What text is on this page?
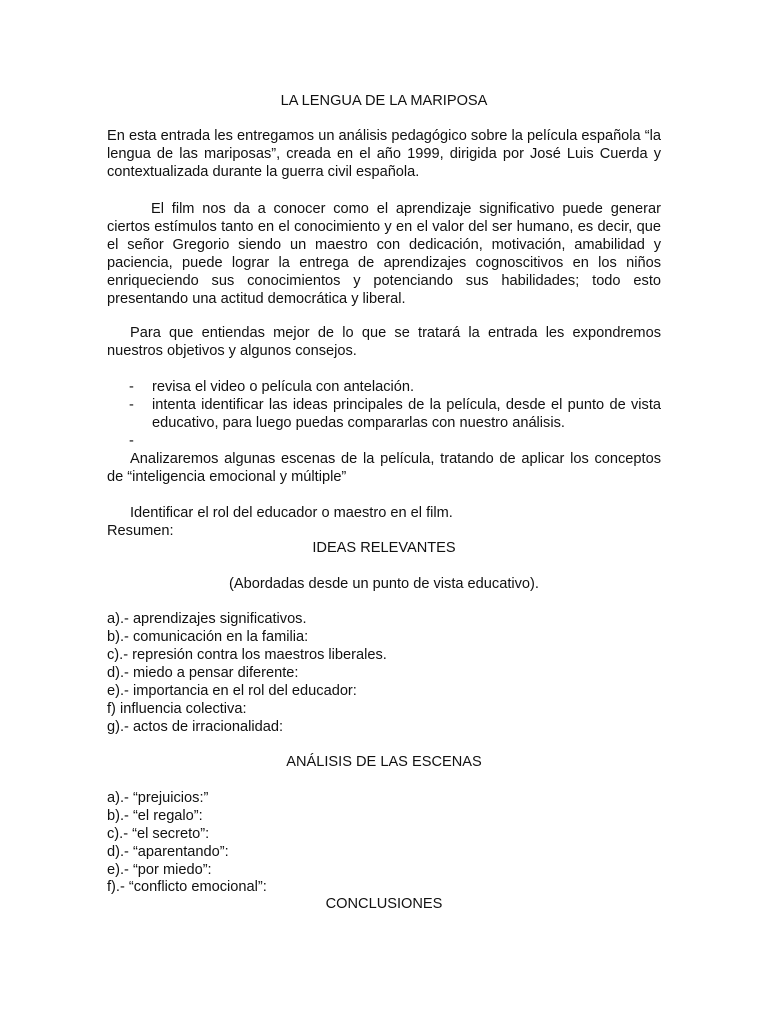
LA LENGUA DE LA MARIPOSA
En esta entrada les entregamos un análisis pedagógico sobre la película española “la lengua de las mariposas”, creada en el año 1999, dirigida por José Luis Cuerda y contextualizada durante la guerra civil española.
El film nos da a conocer como el aprendizaje significativo puede generar ciertos estímulos tanto en el conocimiento y en el valor del ser humano, es decir, que el señor Gregorio siendo un maestro con dedicación, motivación, amabilidad y paciencia, puede lograr la entrega de aprendizajes cognoscitivos en los niños enriqueciendo sus conocimientos y potenciando sus habilidades; todo esto presentando una actitud democrática y liberal.
Para que entiendas mejor de lo que se tratará la entrada les expondremos nuestros objetivos y algunos consejos.
-	revisa el video o película con antelación.
-	intenta identificar las ideas principales de la película, desde el punto de vista educativo, para luego puedas compararlas con nuestro análisis.
-
Analizaremos algunas escenas de la película, tratando de aplicar los conceptos de “inteligencia emocional y múltiple”
Identificar el rol del educador o maestro en el film.
Resumen:
IDEAS RELEVANTES
(Abordadas desde un punto de vista educativo).
a).- aprendizajes significativos.
b).- comunicación en la familia:
c).- represión contra los maestros liberales.
d).- miedo a pensar diferente:
e).- importancia en el rol del educador:
f) influencia colectiva:
g).- actos de irracionalidad:
ANÁLISIS DE LAS ESCENAS
a).- “prejuicios:”
b).- “el regalo”:
c).- “el secreto”:
d).- “aparentando”:
e).- “por miedo”:
f).- “conflicto emocional”:
CONCLUSIONES
